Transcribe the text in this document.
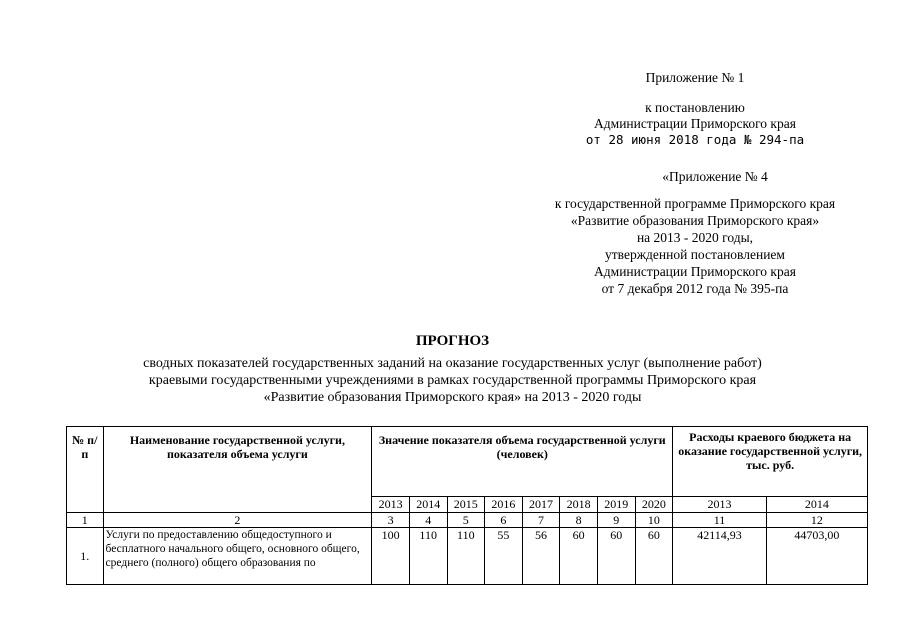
Приложение № 1
к постановлению
Администрации Приморского края
от 28 июня 2018 года № 294-па
«Приложение № 4
к государственной программе Приморского края
«Развитие образования Приморского края»
на 2013 - 2020 годы,
утвержденной постановлением
Администрации Приморского края
от 7 декабря 2012 года № 395-па
ПРОГНОЗ
сводных показателей государственных заданий на оказание государственных услуг (выполнение работ)
краевыми государственными учреждениями в рамках государственной программы Приморского края
«Развитие образования Приморского края» на 2013 - 2020 годы
№ п/п	Наименование государственной услуги, показателя объема услуги	Значение показателя объема государственной услуги (человек)								Расходы краевого бюджета на оказание государственной услуги, тыс. руб.	
		2013	2014	2015	2016	2017	2018	2019	2020	2013	2014
1	2	3	4	5	6	7	8	9	10	11	12
1.	Услуги по предоставлению общедоступного и бесплатного начального общего, основного общего, среднего (полного) общего образования по	100	110	110	55	56	60	60	60	42114,93	44703,00
